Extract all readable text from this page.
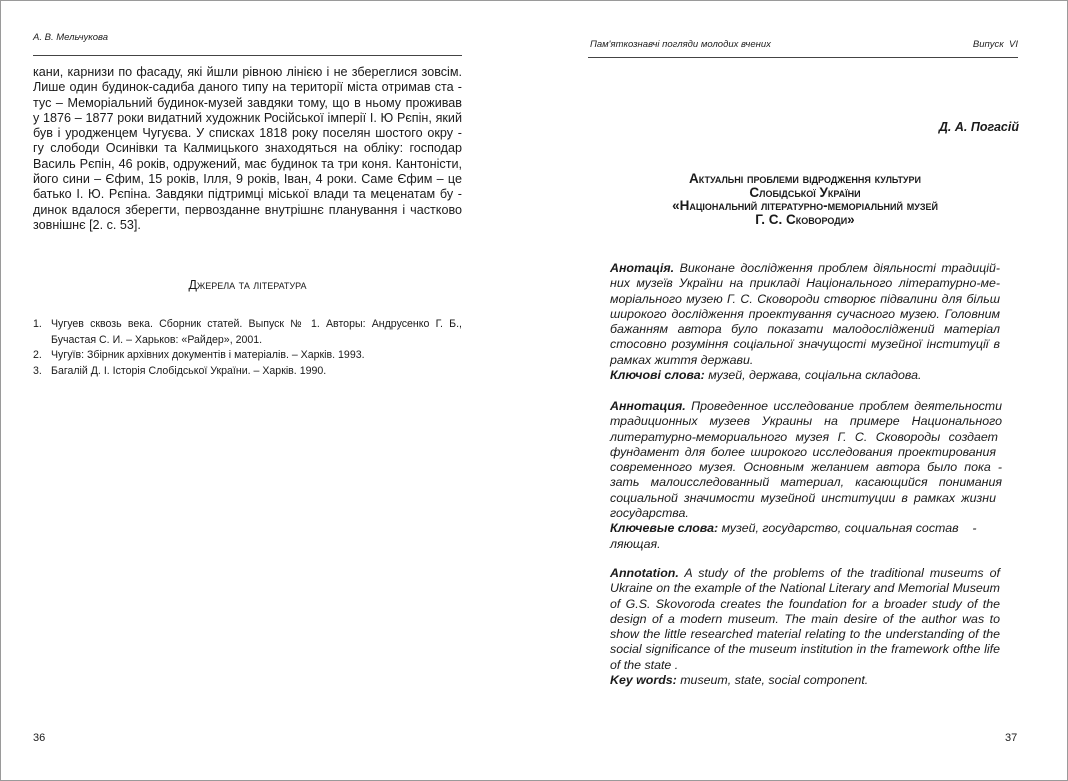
А. В. Мельчукова
кани, карнизи по фасаду, які йшли рівною лінією і не збереглися зовсім.
Лише один будинок-садиба даного типу на території міста отримав ста -
тус – Меморіальний будинок-музей завдяки тому, що в ньому проживав
у 1876 – 1877 роки видатний художник Російської імперії І. Ю Рєпін, який
був і уродженцем Чугуєва. У списках 1818 року поселян шостого окру -
гу слободи Осинівки та Калмицького знаходяться на обліку: господар
Василь Рєпін, 46 років, одружений, має будинок та три коня. Кантоністи,
його сини – Єфим, 15 років, Ілля, 9 років, Іван, 4 роки. Саме Єфим – це
батько І. Ю. Рєпіна. Завдяки підтримці міської влади та меценатам бу -
динок вдалося зберегти, первозданне внутрішнє планування і частково
зовнішнє [2. с. 53].
Джерела та література
1. Чугуев сквозь века. Сборник статей. Выпуск № 1. Авторы: Андрусенко Г. Б.,
Бучастая С. И. – Харьков: «Райдер», 2001.
2. Чугуїв: Збірник архівних документів і матеріалів. – Харків. 1993.
3. Багалій Д. І. Історія Слобідської України. – Харків. 1990.
36
Пам'яткознавчі погляди молодих вчених	Випуск  VI
Д. А. Погасій
Актуальні проблеми відродження культури
Слобідської України
«Національний літературно-меморіальний музей
Г. С. Сковороди»
Анотація. Виконане дослідження проблем діяльності традицій-
них музеїв України на прикладі Національного літературно-ме-
моріального музею Г. С. Сковороди створює підвалини для більш
широкого дослідження проектування сучасного музею. Головним
бажанням автора було показати малодосліджений матеріал
стосовно розуміння соціальної значущості музейної інституції в
рамках життя держави.
Ключові слова: музей, держава, соціальна складова.
Аннотация. Проведенное исследование проблем деятельности
традиционных музеев Украины на примере Национального
литературно-мемориального музея Г. С. Сковороды создает
фундамент для более широкого исследования проектирования
современного музея. Основным желанием автора было пока -
зать малоисследованный материал, касающийся понимания
социальной значимости музейной институции в рамках жизни
государства.
Ключевые слова: музей, государство, социальная состав    -
ляющая.
Annotation. A study of the problems of the traditional museums of
Ukraine on the example of the National Literary and Memorial Museum
of G.S. Skovoroda creates the foundation for a broader study of the
design of a modern museum. The main desire of the author was to
show the little researched material relating to the understanding of the
social significance of the museum institution in the framework ofthe life
of the state .
Key words: museum, state, social component.
37
